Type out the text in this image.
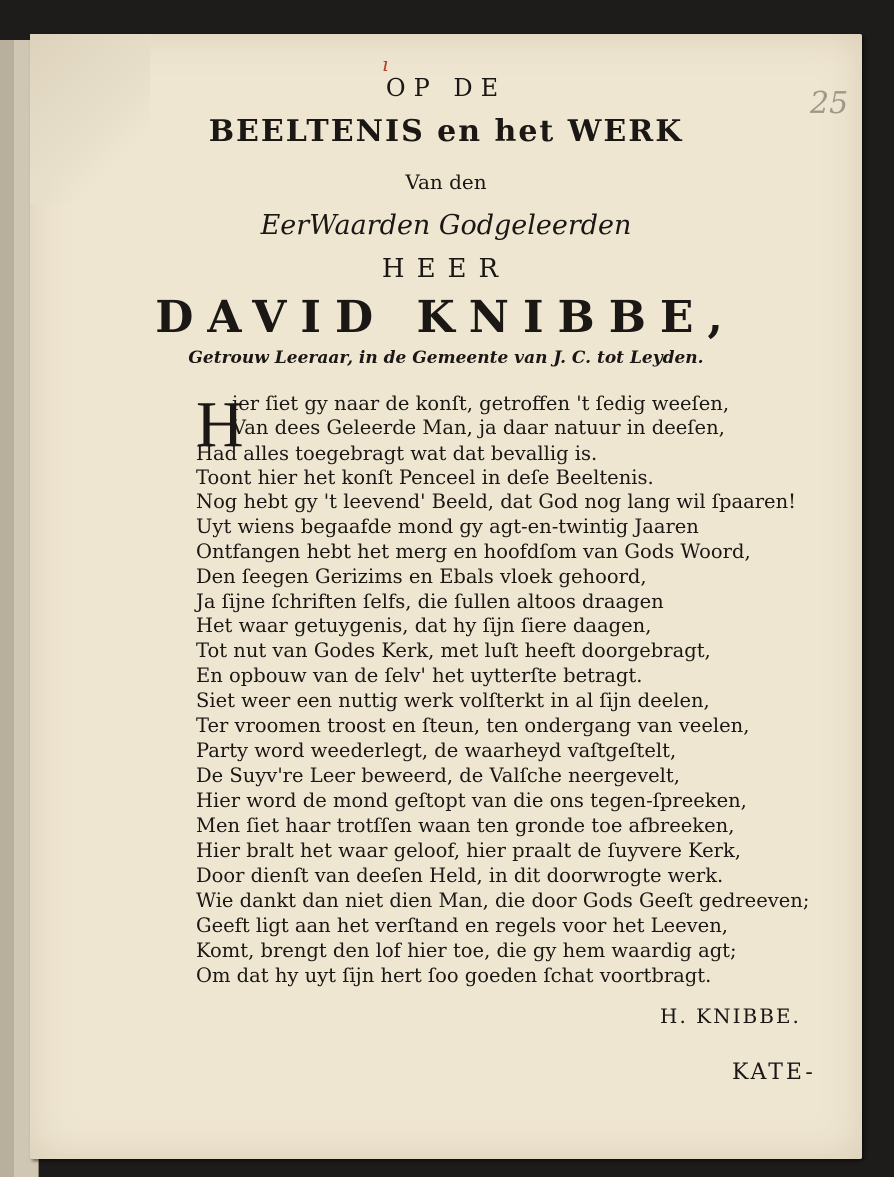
ı
25
OP DE
BEELTENIS en het WERK
Van den
EerWaarden Godgeleerden
HEER
DAVID KNIBBE,
Getrouw Leeraar, in de Gemeente van J. C. tot Leyden.
H
ier ſiet gy naar de konſt, getroffen 't ſedig weeſen,
Van dees Geleerde Man, ja daar natuur in deeſen,
Had alles toegebragt wat dat bevallig is.
Toont hier het konſt Penceel in deſe Beeltenis.
Nog hebt gy 't leevend' Beeld, dat God nog lang wil ſpaaren!
Uyt wiens begaafde mond gy agt-en-twintig Jaaren
Ontfangen hebt het merg en hoofdſom van Gods Woord,
Den ſeegen Gerizims en Ebals vloek gehoord,
Ja ſijne ſchriften ſelfs, die ſullen altoos draagen
Het waar getuygenis, dat hy ſijn ſiere daagen,
Tot nut van Godes Kerk, met luſt heeft doorgebragt,
En opbouw van de ſelv' het uytterſte betragt.
Siet weer een nuttig werk volſterkt in al ſijn deelen,
Ter vroomen troost en ſteun, ten ondergang van veelen,
Party word weederlegt, de waarheyd vaſtgeſtelt,
De Suyv're Leer beweerd, de Valſche neergevelt,
Hier word de mond geſtopt van die ons tegen-ſpreeken,
Men ſiet haar trotſſen waan ten gronde toe afbreeken,
Hier bralt het waar geloof, hier praalt de ſuyvere Kerk,
Door dienſt van deeſen Held, in dit doorwrogte werk.
Wie dankt dan niet dien Man, die door Gods Geeſt gedreeven;
Geeft ligt aan het verſtand en regels voor het Leeven,
Komt, brengt den lof hier toe, die gy hem waardig agt;
Om dat hy uyt ſijn hert ſoo goeden ſchat voortbragt.
H. KNIBBE.
KATE-
